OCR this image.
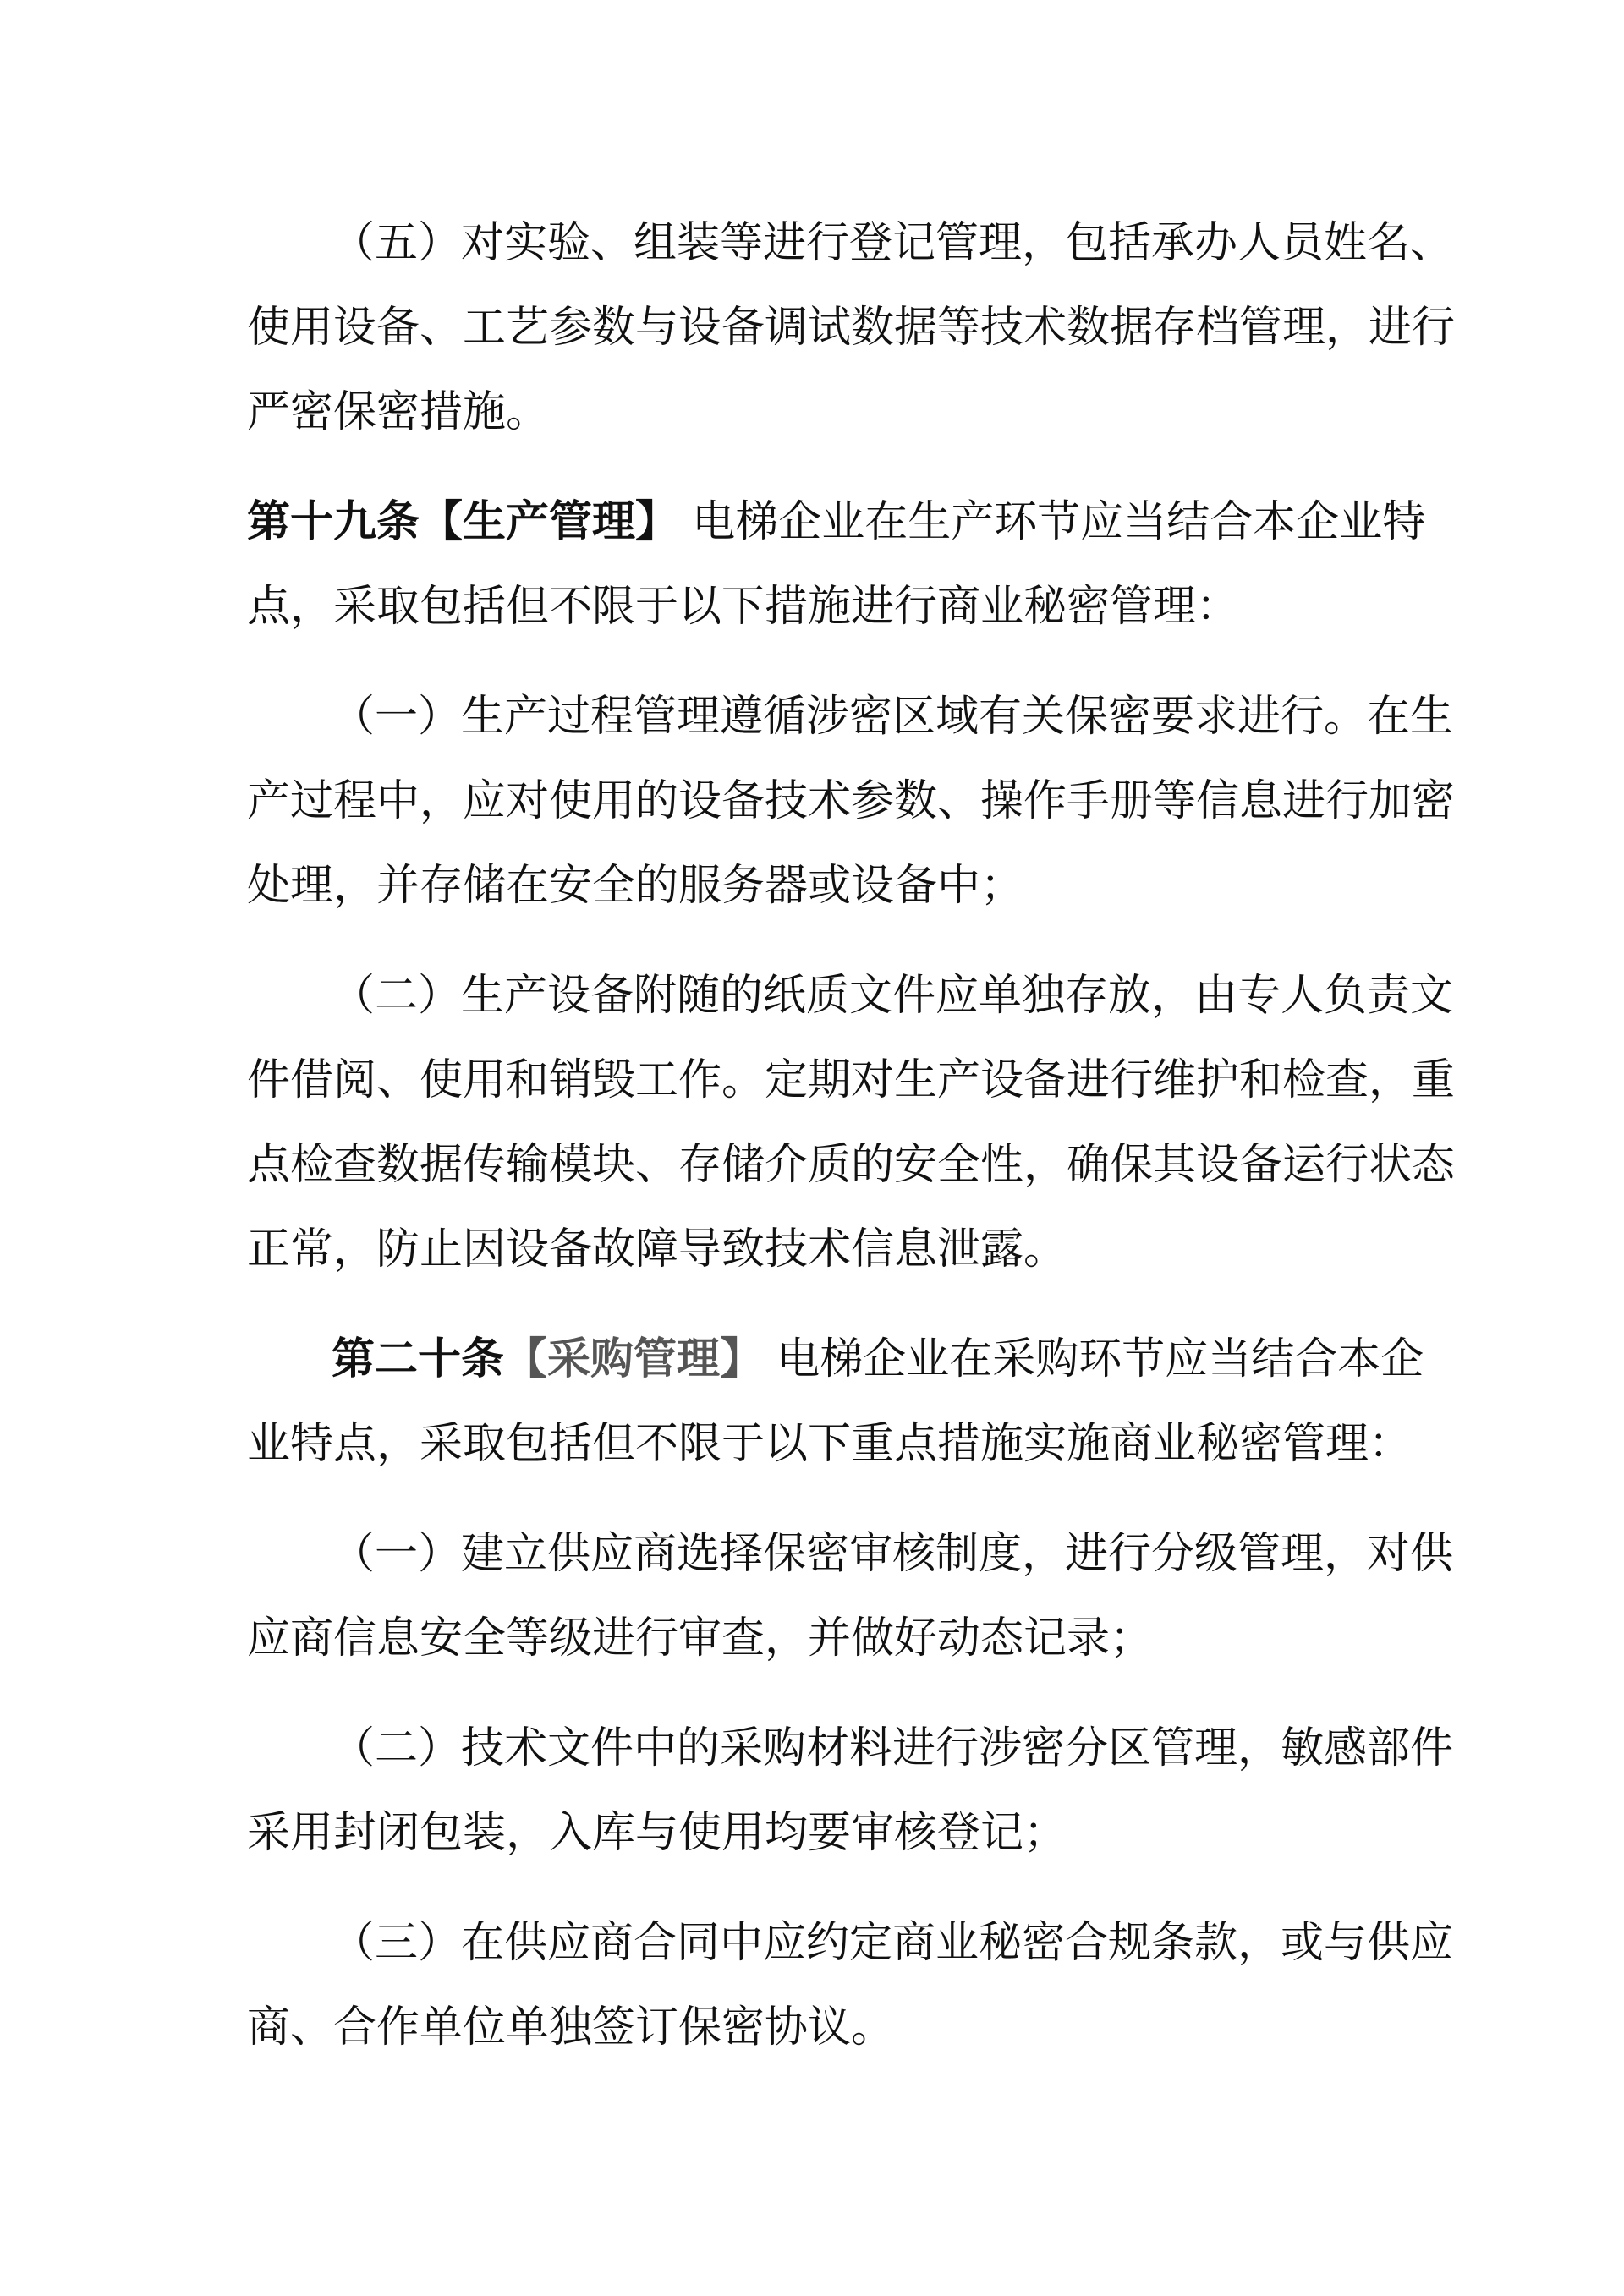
（五）对实验、组装等进行登记管理，包括承办人员姓名、
使用设备、工艺参数与设备调试数据等技术数据存档管理，进行
严密保密措施。
第十九条【生产管理】 电梯企业在生产环节应当结合本企业特
点，采取包括但不限于以下措施进行商业秘密管理：
（一）生产过程管理遵循涉密区域有关保密要求进行。在生
产过程中，应对使用的设备技术参数、操作手册等信息进行加密
处理，并存储在安全的服务器或设备中；
（二）生产设备附随的纸质文件应单独存放，由专人负责文
件借阅、使用和销毁工作。定期对生产设备进行维护和检查，重
点检查数据传输模块、存储介质的安全性，确保其设备运行状态
正常，防止因设备故障导致技术信息泄露。
第二十条【采购管理】 电梯企业在采购环节应当结合本企
业特点，采取包括但不限于以下重点措施实施商业秘密管理：
（一）建立供应商选择保密审核制度，进行分级管理，对供
应商信息安全等级进行审查，并做好动态记录；
（二）技术文件中的采购材料进行涉密分区管理，敏感部件
采用封闭包装，入库与使用均要审核登记；
（三）在供应商合同中应约定商业秘密合规条款，或与供应
商、合作单位单独签订保密协议。
